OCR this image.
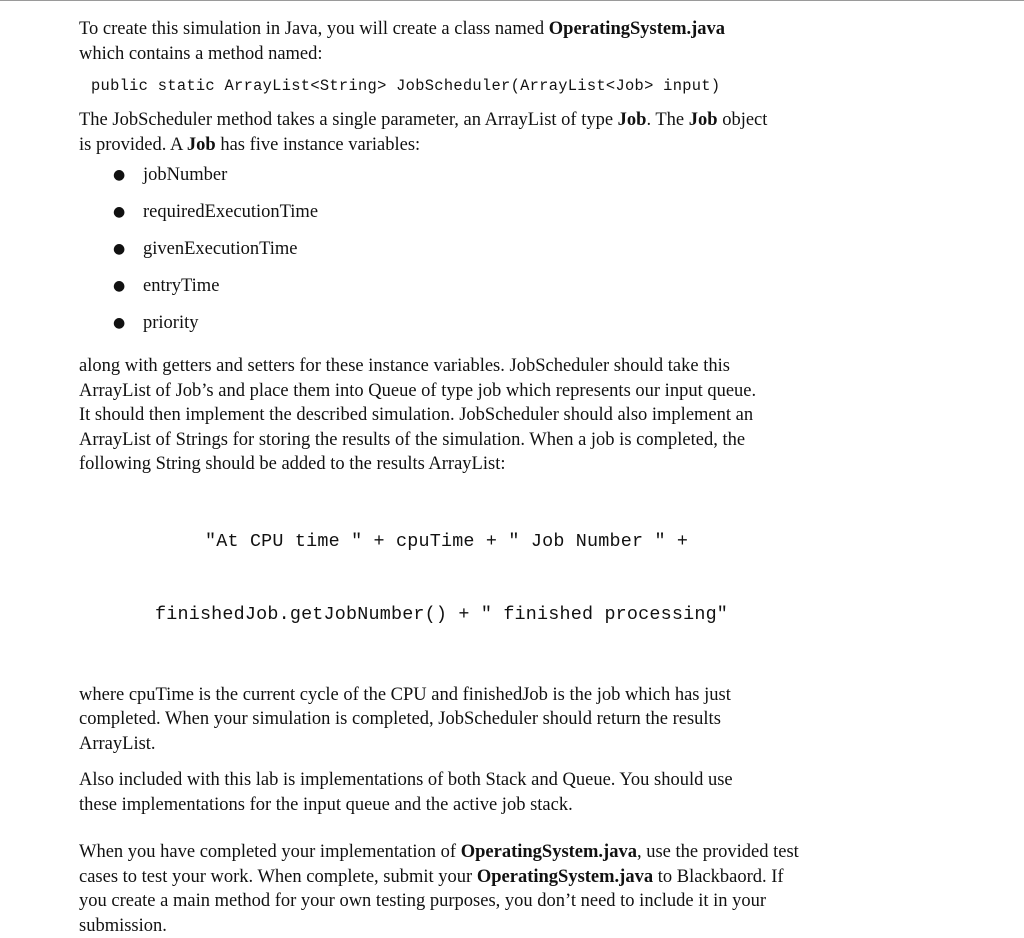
To create this simulation in Java, you will create a class named OperatingSystem.java
which contains a method named:

public static ArrayList<String> JobScheduler(ArrayList<Job> input)

The JobScheduler method takes a single parameter, an ArrayList of type Job. The Job object
is provided. A Job has five instance variables:

● jobNumber
● requiredExecutionTime
● givenExecutionTime
● entryTime
● priority

along with getters and setters for these instance variables. JobScheduler should take this
ArrayList of Job’s and place them into Queue of type job which represents our input queue.
It should then implement the described simulation. JobScheduler should also implement an
ArrayList of Strings for storing the results of the simulation. When a job is completed, the
following String should be added to the results ArrayList:

"At CPU time " + cpuTime + " Job Number " +

finishedJob.getJobNumber() + " finished processing"

where cpuTime is the current cycle of the CPU and finishedJob is the job which has just
completed. When your simulation is completed, JobScheduler should return the results
ArrayList.

Also included with this lab is implementations of both Stack and Queue. You should use
these implementations for the input queue and the active job stack.

When you have completed your implementation of OperatingSystem.java, use the provided test
cases to test your work. When complete, submit your OperatingSystem.java to Blackbaord. If
you create a main method for your own testing purposes, you don’t need to include it in your
submission.
